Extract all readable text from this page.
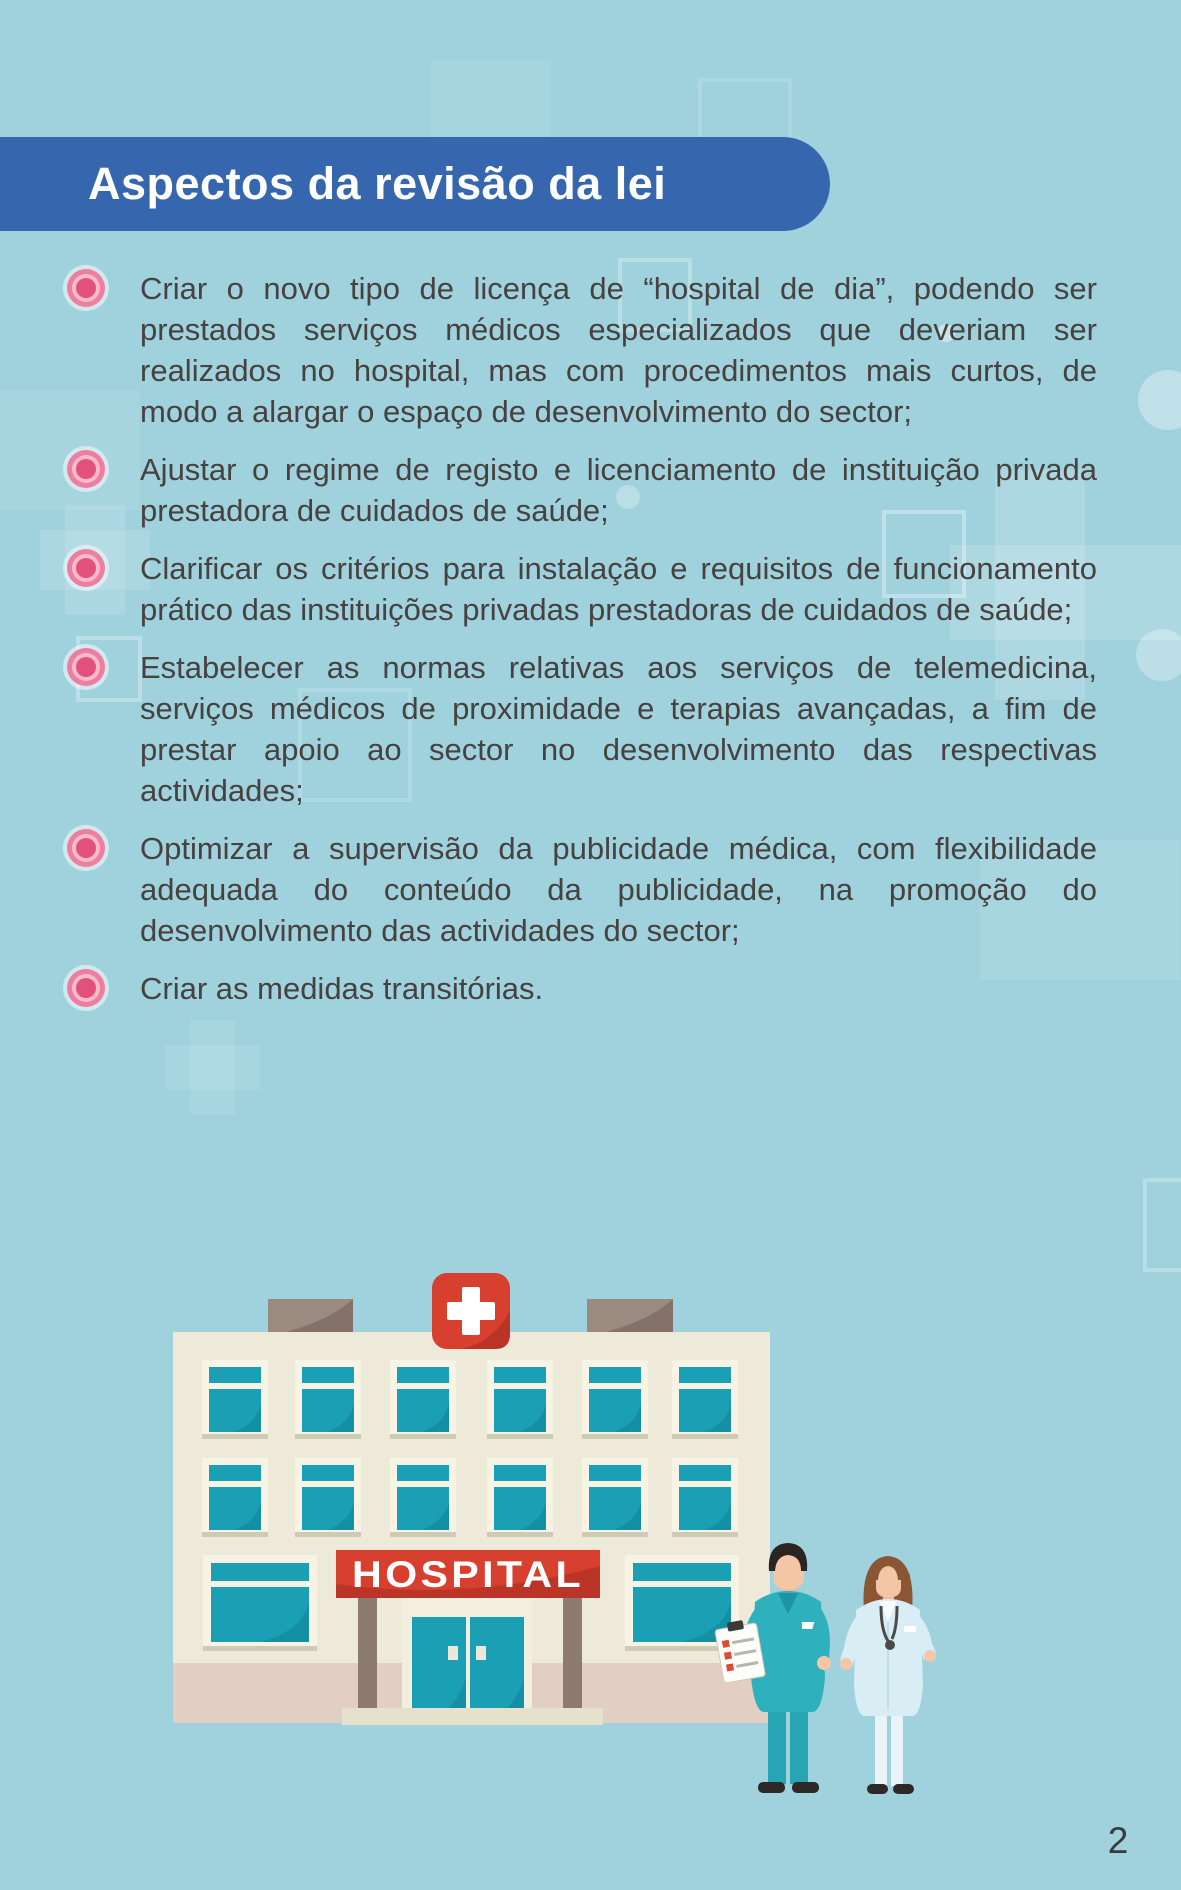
Aspectos da revisão da lei
Criar o novo tipo de licença de “hospital de dia”, podendo ser prestados serviços médicos especializados que deveriam ser realizados no hospital, mas com procedimentos mais curtos, de modo a alargar o espaço de desenvolvimento do sector;
Ajustar o regime de registo e licenciamento de instituição privada prestadora de cuidados de saúde;
Clarificar os critérios para instalação e requisitos de funcionamento prático das instituições privadas prestadoras de cuidados de saúde;
Estabelecer as normas relativas aos serviços de telemedicina, serviços médicos de proximidade e terapias avançadas, a fim de prestar apoio ao sector no desenvolvimento das respectivas actividades;
Optimizar a supervisão da publicidade médica, com flexibilidade adequada do conteúdo da publicidade, na promoção do desenvolvimento das actividades do sector;
Criar as medidas transitórias.
HOSPITAL
2
